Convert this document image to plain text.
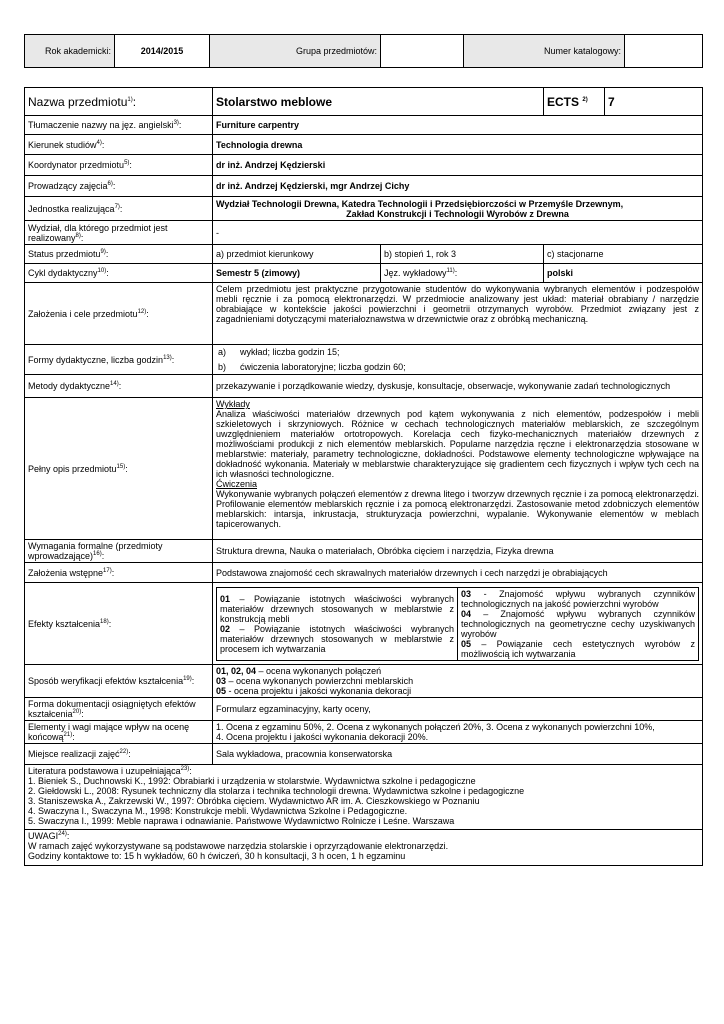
Rok akademicki:	2014/2015	Grupa przedmiotów:		Numer katalogowy:	
Nazwa przedmiotu$^{1)}$:	Stolarstwo meblowe	ECTS $^{2)}$	7
Tłumaczenie nazwy na jęz. angielski$^{3)}$:	Furniture carpentry
Kierunek studiów$^{4)}$:	Technologia drewna
Koordynator przedmiotu$^{5)}$:	dr inż. Andrzej Kędzierski
Prowadzący zajęcia$^{6)}$:	dr inż. Andrzej Kędzierski, mgr Andrzej Cichy
Jednostka realizująca$^{7)}$:	Wydział Technologii Drewna, Katedra Technologii i Przedsiębiorczości w Przemyśle Drzewnym,
Zakład Konstrukcji i Technologii Wyrobów z Drewna

Wydział, dla którego przedmiot jest
realizowany$^{8)}$:	-
Status przedmiotu$^{9)}$:	a) przedmiot kierunkowy	b) stopień 1, rok 3	c) stacjonarne
Cykl dydaktyczny$^{10)}$:	Semestr 5 (zimowy)	Jęz. wykładowy$^{11)}$:	polski
Założenia i cele przedmiotu$^{12)}$:	Celem przedmiotu jest praktyczne przygotowanie studentów do wykonywania wybranych elementów i podzespołów mebli ręcznie i za pomocą elektronarzędzi. W przedmiocie analizowany jest układ: materiał obrabiany / narzędzie obrabiające w kontekście jakości powierzchni i geometrii otrzymanych wyrobów. Przedmiot związany jest z zagadnieniami dotyczącymi materiałoznawstwa w drzewnictwie oraz z obróbką mechaniczną.
Formy dydaktyczne, liczba godzin$^{13)}$:	
a) wykład; liczba godzin 15;
b) ćwiczenia laboratoryjne; liczba godzin 60;

Metody dydaktyczne$^{14)}$:	przekazywanie i porządkowanie wiedzy, dyskusje, konsultacje, obserwacje, wykonywanie zadań technologicznych
Pełny opis przedmiotu$^{15)}$:	
Wykłady
Analiza właściwości materiałów drzewnych pod kątem wykonywania z nich elementów, podzespołów i mebli szkieletowych i skrzyniowych. Różnice w cechach technologicznych materiałów meblarskich, ze szczególnym uwzględnieniem materiałów ortotropowych. Korelacja cech fizyko-mechanicznych materiałów drzewnych z możliwościami produkcji z nich elementów meblarskich. Popularne narzędzia ręczne i elektronarzędzia stosowane w meblarstwie: materiały, parametry technologiczne, dokładności. Podstawowe elementy technologiczne wpływające na dokładność wykonania. Materiały w meblarstwie charakteryzujące się gradientem cech fizycznych i wpływ tych cech na ich własności technologiczne.
Ćwiczenia
Wykonywanie wybranych połączeń elementów z drewna litego i tworzyw drzewnych ręcznie i za pomocą elektronarzędzi. Profilowanie elementów meblarskich ręcznie i za pomocą elektronarzędzi. Zastosowanie metod zdobniczych elementów meblarskich: intarsja, inkrustacja, strukturyzacja powierzchni, wypalanie. Wykonywanie elementów w meblach tapicerowanych.

Wymagania formalne (przedmioty
wprowadzające)$^{16)}$:	Struktura drewna, Nauka o materiałach, Obróbka cięciem i narzędzia, Fizyka drewna
Założenia wstępne$^{17)}$:	Podstawowa znajomość cech skrawalnych materiałów drzewnych i cech narzędzi je obrabiających
Efekty kształcenia$^{18)}$:	
01 – Powiązanie istotnych właściwości wybranych materiałów drzewnych stosowanych w meblarstwie z konstrukcją mebli
02 – Powiązanie istotnych właściwości wybranych materiałów drzewnych stosowanych w meblarstwie z procesem ich wytwarzania

03 - Znajomość wpływu wybranych czynników technologicznych na jakość powierzchni wyrobów
04 – Znajomość wpływu wybranych czynników technologicznych na geometryczne cechy uzyskiwanych wyrobów
05 – Powiązanie cech estetycznych wyrobów z możliwością ich wytwarzania

Sposób weryfikacji efektów kształcenia$^{19)}$:	
01, 02, 04 – ocena wykonanych połączeń
03 – ocena wykonanych powierzchni meblarskich
05 - ocena projektu i jakości wykonania dekoracji

Forma dokumentacji osiągniętych efektów
kształcenia$^{20)}$:	Formularz egzaminacyjny, karty oceny,

Elementy i wagi mające wpływ na ocenę
końcową$^{21)}$:	
1. Ocena z egzaminu 50%, 2. Ocena z wykonanych połączeń 20%, 3. Ocena z wykonanych powierzchni 10%,
4. Ocena projektu i jakości wykonania dekoracji 20%.

Miejsce realizacji zajęć$^{22)}$:	Sala wykładowa, pracownia konserwatorska

Literatura podstawowa i uzupełniająca$^{23)}$:
1. Bieniek S., Duchnowski K., 1992: Obrabiarki i urządzenia w stolarstwie. Wydawnictwa szkolne i pedagogiczne
2. Giełdowski L., 2008: Rysunek techniczny dla stolarza i technika technologii drewna. Wydawnictwa szkolne i pedagogiczne
3. Staniszewska A., Zakrzewski W., 1997: Obróbka cięciem. Wydawnictwo AR im. A. Cieszkowskiego w Poznaniu
4. Swaczyna I., Swaczyna M., 1998: Konstrukcje mebli. Wydawnictwa Szkolne i Pedagogiczne.
5. Swaczyna I., 1999: Meble naprawa i odnawianie. Państwowe Wydawnictwo Rolnicze i Leśne. Warszawa

UWAGI$^{24)}$:
W ramach zajęć wykorzystywane są podstawowe narzędzia stolarskie i oprzyrządowanie elektronarzędzi.
Godziny kontaktowe to: 15 h wykładów, 60 h ćwiczeń, 30 h konsultacji, 3 h ocen, 1 h egzaminu
